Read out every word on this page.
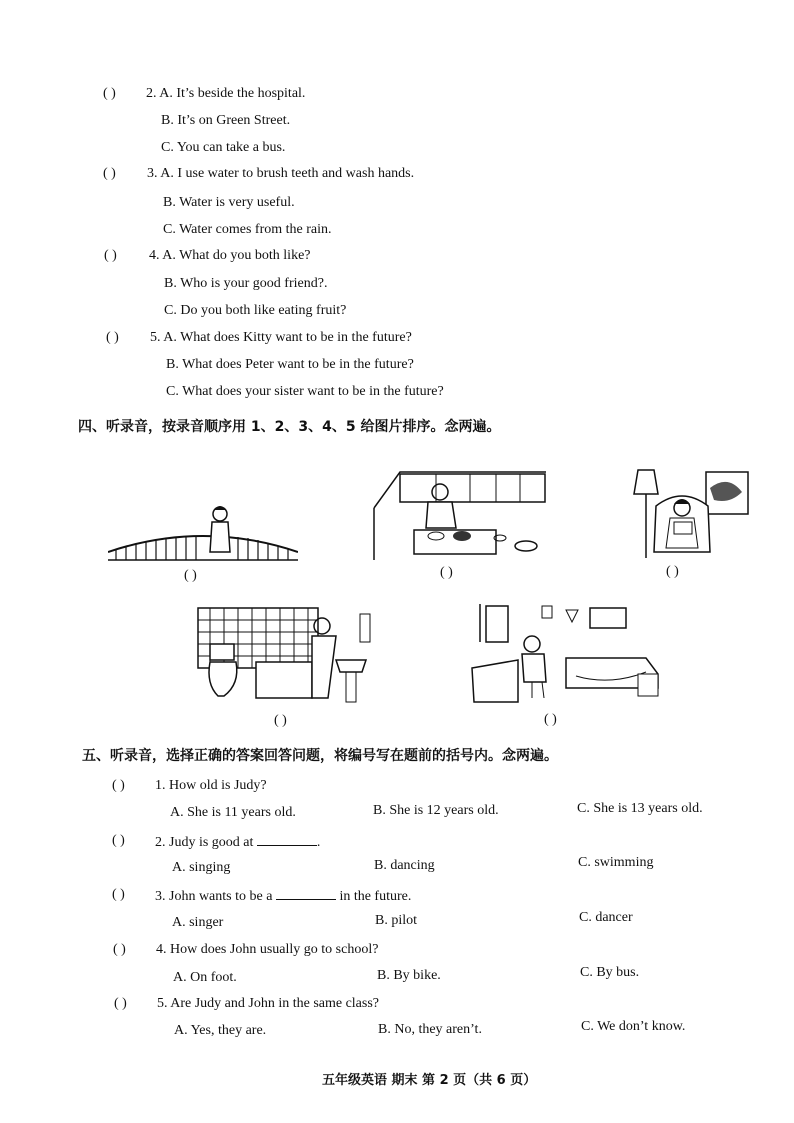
( ) 2. A. It’s beside the hospital.
B. It’s on Green Street.
C. You can take a bus.
( ) 3. A. I use water to brush teeth and wash hands.
B. Water is very useful.
C. Water comes from the rain.
( ) 4. A. What do you both like?
B. Who is your good friend?.
C. Do you both like eating fruit?
( ) 5. A. What does Kitty want to be in the future?
B. What does Peter want to be in the future?
C. What does your sister want to be in the future?
四、听录音，按录音顺序用 1、2、3、4、5 给图片排序。念两遍。
( )	( )	( )
( )	( )
五、听录音，选择正确的答案回答问题，将编号写在题前的括号内。念两遍。
( ) 1. How old is Judy?
A. She is 11 years old.	B. She is 12 years old.	C. She is 13 years old.
( ) 2. Judy is good at	.
A. singing	B. dancing	C. swimming
( ) 3. John wants to be a	in the future.
A. singer	B. pilot	C. dancer
( ) 4. How does John usually go to school?
A. On foot.	B. By bike.	C. By bus.
( ) 5. Are Judy and John in the same class?
A. Yes, they are.	B. No, they aren’t.	C. We don’t know.
五年级英语 期末 第 2 页（共 6 页）
